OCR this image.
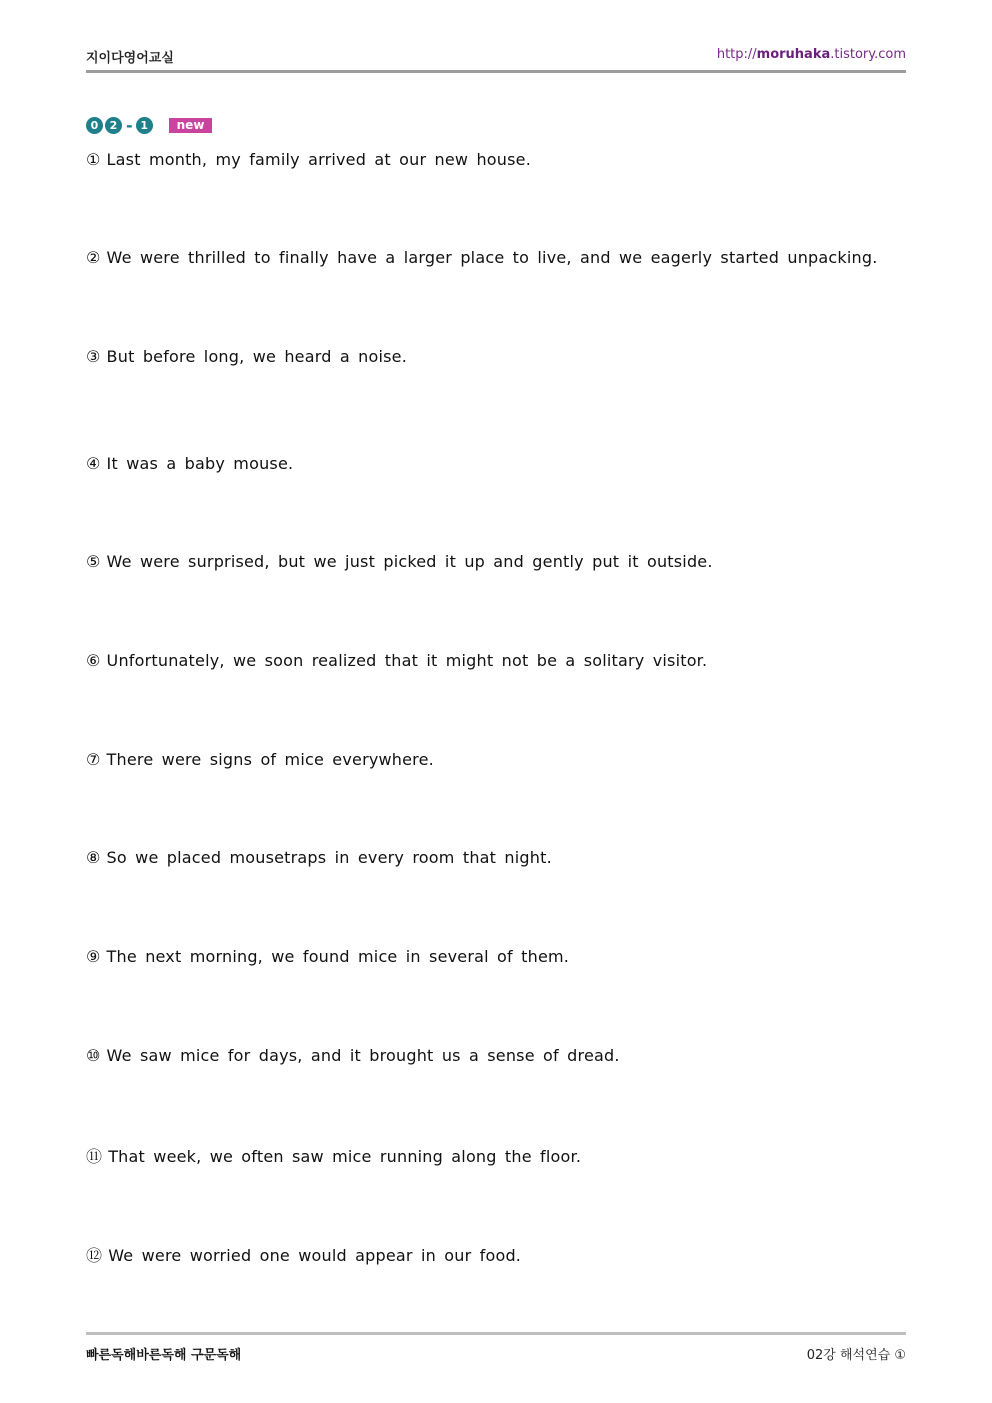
지이다영어교실	http://moruhaka.tistory.com
0	2 - 1	new
① Last month, my family arrived at our new house.
② We were thrilled to finally have a larger place to live, and we eagerly started unpacking.
③ But before long, we heard a noise.
④ It was a baby mouse.
⑤ We were surprised, but we just picked it up and gently put it outside.
⑥ Unfortunately, we soon realized that it might not be a solitary visitor.
⑦ There were signs of mice everywhere.
⑧ So we placed mousetraps in every room that night.
⑨ The next morning, we found mice in several of them.
⑩ We saw mice for days, and it brought us a sense of dread.
⑪ That week, we often saw mice running along the floor.
⑫ We were worried one would appear in our food.
빠른독해바른독해 구문독해	02강 해석연습 ①
